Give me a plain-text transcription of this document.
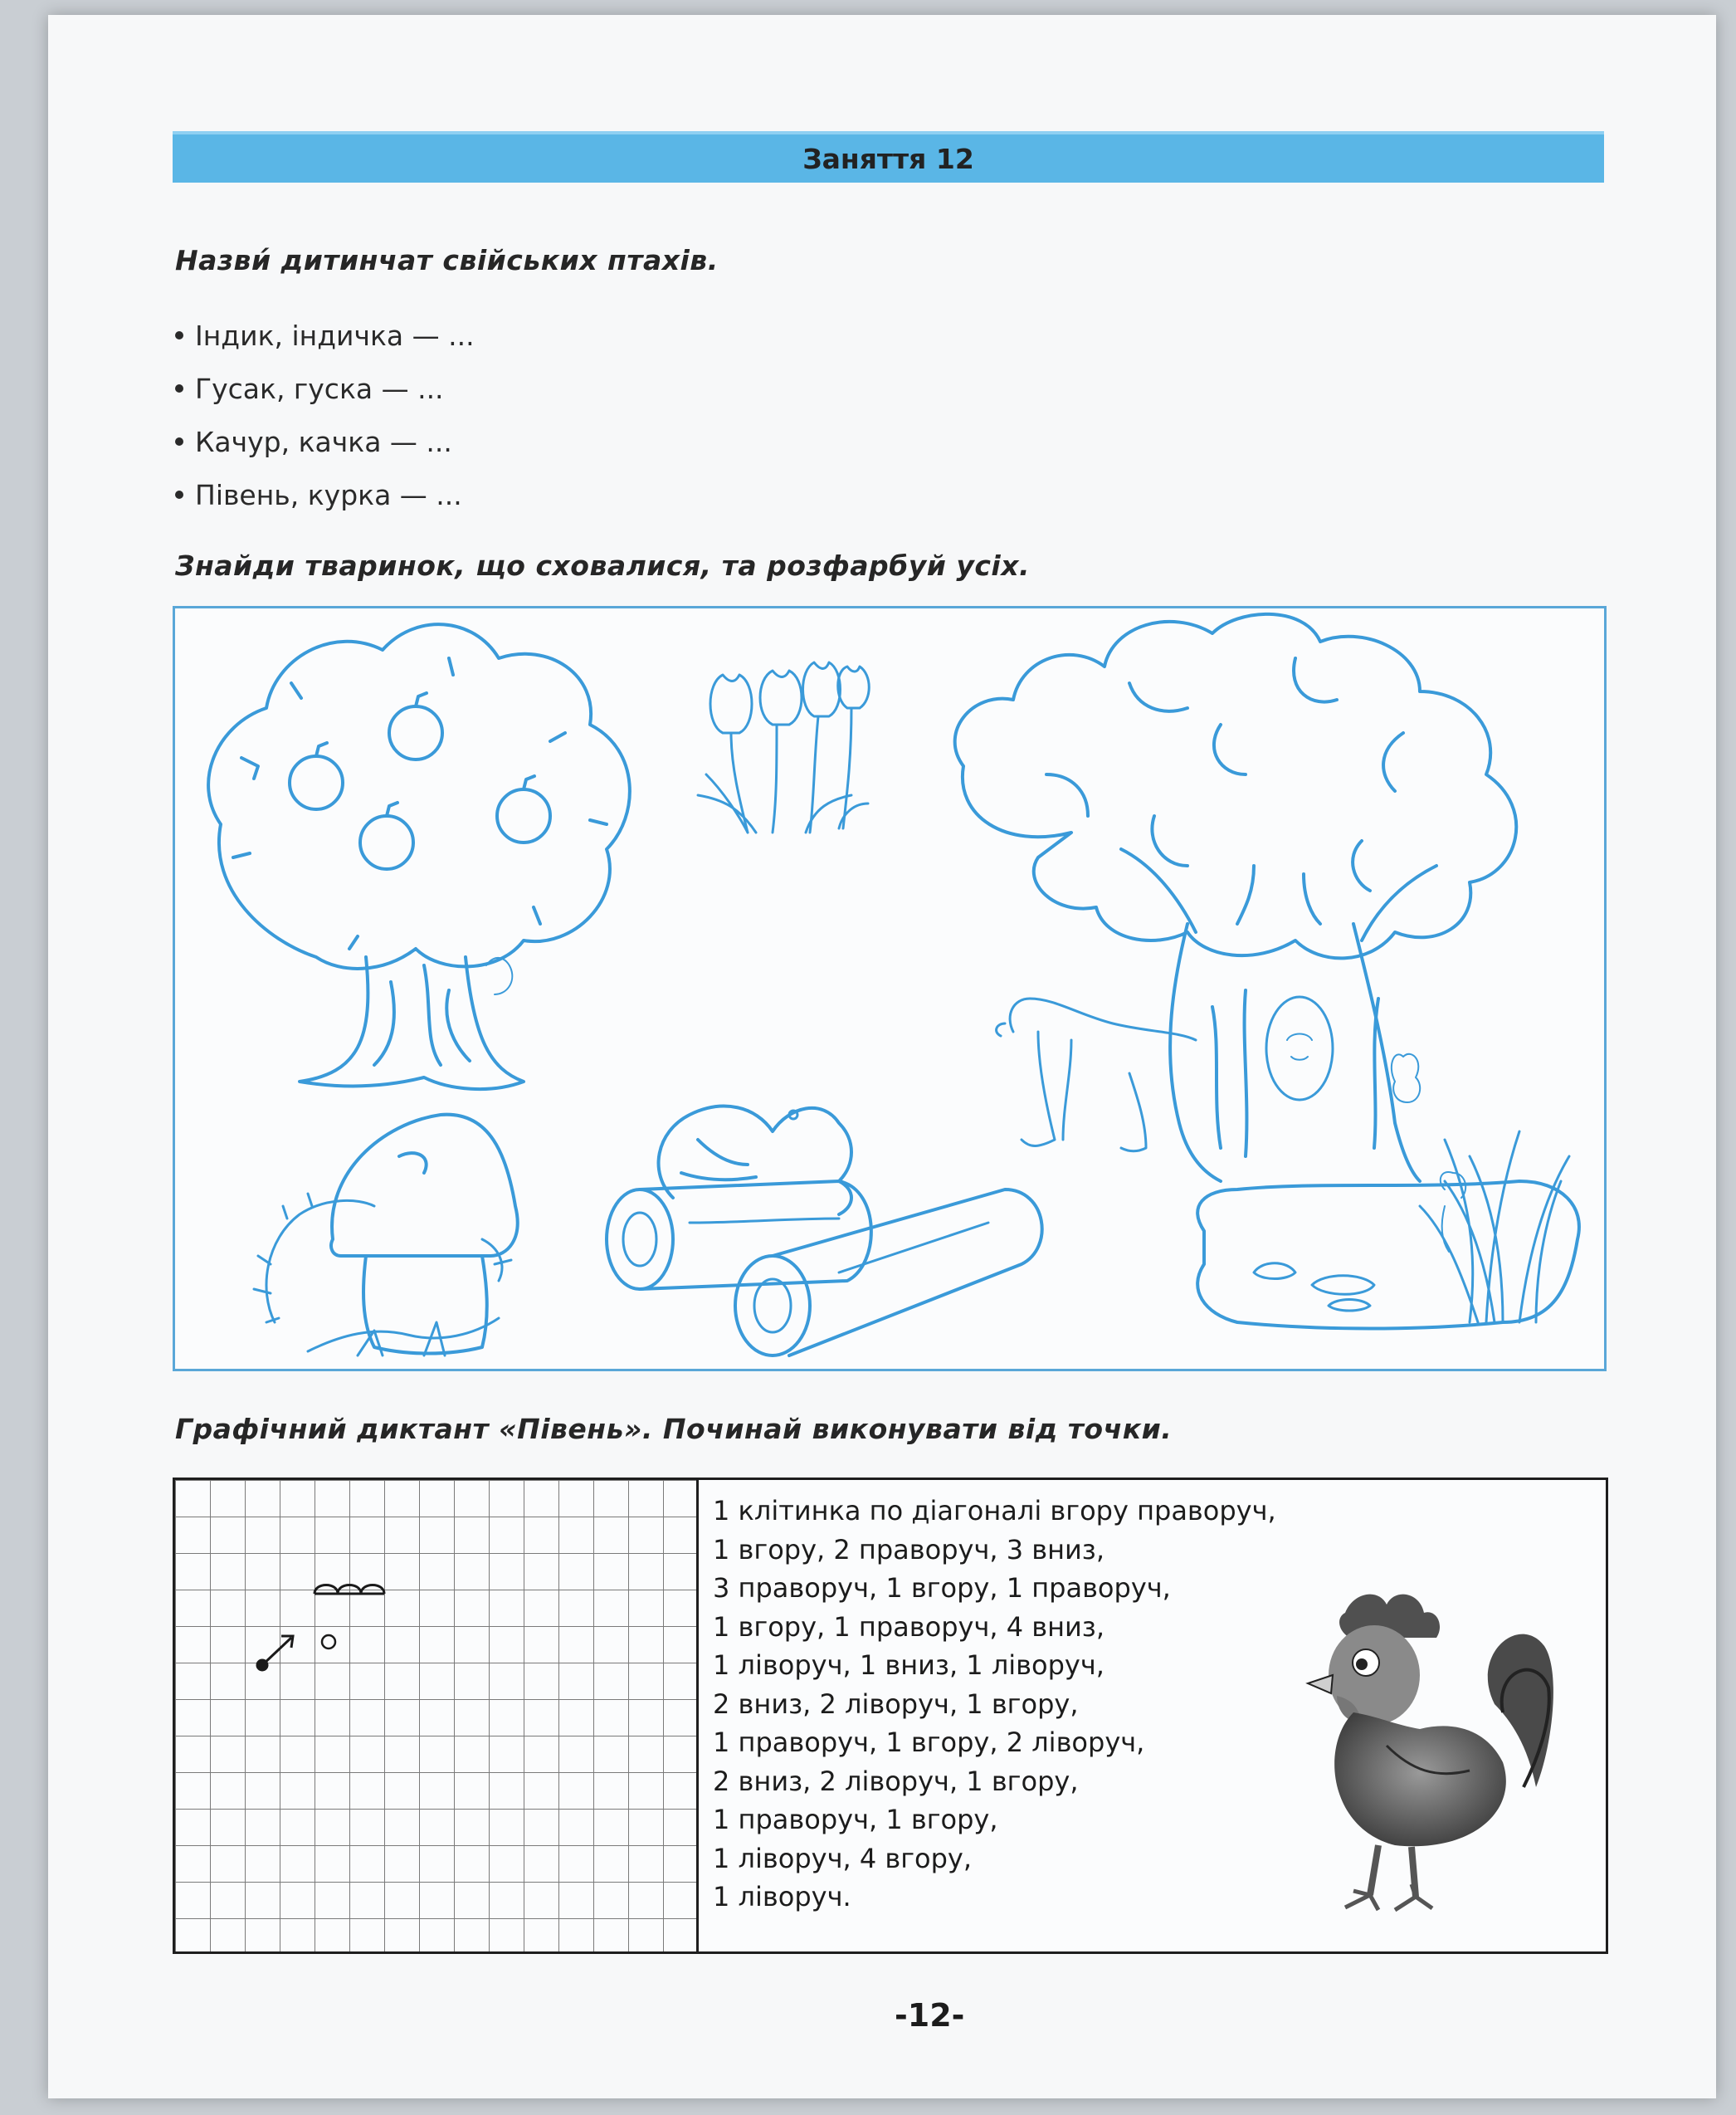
Заняття 12
Назви́ дитинчат свійських птахів.
Індик, індичка — ...
Гусак, гуска — ...
Качур, качка — ...
Півень, курка — ...
Знайди тваринок, що сховалися, та розфарбуй усіх.
Графічний диктант «Півень». Починай виконувати від точки.
1 клітинка по діагоналі вгору праворуч,
1 вгору, 2 праворуч, 3 вниз,
3 праворуч, 1 вгору, 1 праворуч,
1 вгору, 1 праворуч, 4 вниз,
1 ліворуч, 1 вниз, 1 ліворуч,
2 вниз, 2 ліворуч, 1 вгору,
1 праворуч, 1 вгору, 2 ліворуч,
2 вниз, 2 ліворуч, 1 вгору,
1 праворуч, 1 вгору,
1 ліворуч, 4 вгору,
1 ліворуч.
-12-
